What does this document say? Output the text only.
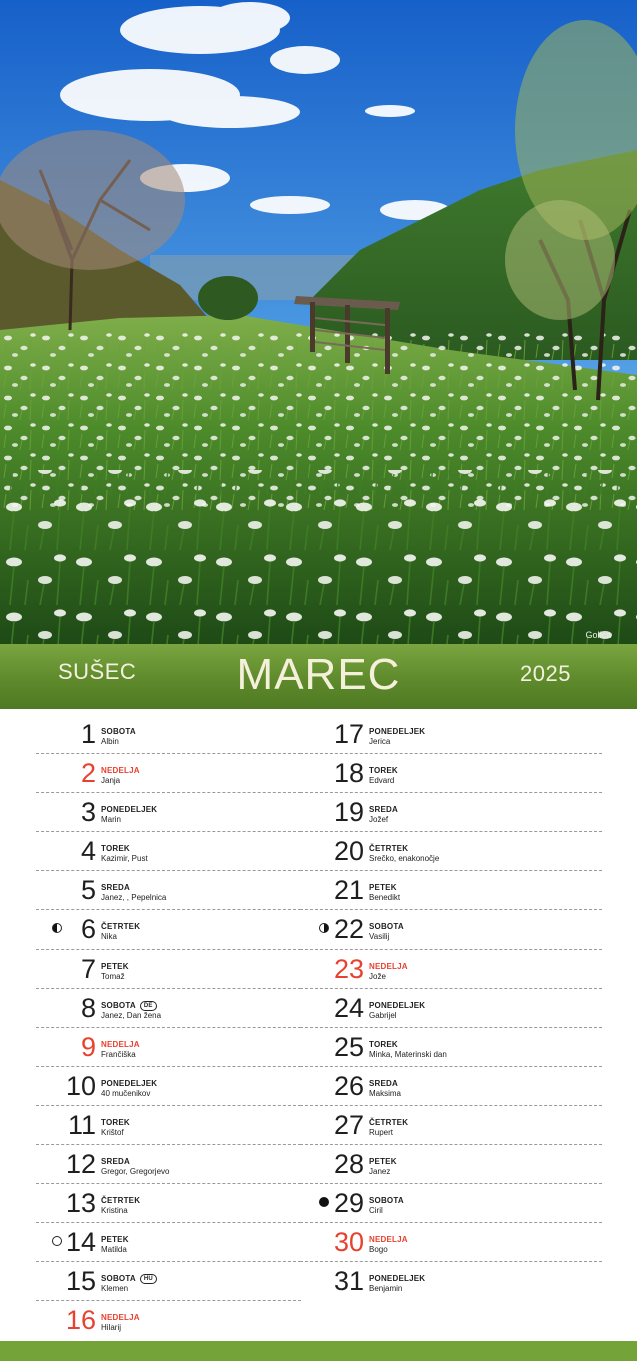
Golica
SUŠEC	MAREC	2025
1 SOBOTA
Albin
2 NEDELJA
Janja
3 PONEDELJEK
Marin
4 TOREK
Kazimir, Pust
5 SREDA
Janez, , Pepelnica
6 ČETRTEK
Nika
7 PETEK
Tomaž
8 SOBOTA DE
Janez, Dan žena
9 NEDELJA
Frančiška
10 PONEDELJEK
40 mučenikov
11 TOREK
Krištof
12 SREDA
Gregor, Gregorjevo
13 ČETRTEK
Kristina
14 PETEK
Matilda
15 SOBOTA HU
Klemen
16 NEDELJA
Hilarij
17 PONEDELJEK
Jerica
18 TOREK
Edvard
19 SREDA
Jožef
20 ČETRTEK
Srečko, enakonočje
21 PETEK
Benedikt
22 SOBOTA
Vasilij
23 NEDELJA
Jože
24 PONEDELJEK
Gabrijel
25 TOREK
Minka, Materinski dan
26 SREDA
Maksima
27 ČETRTEK
Rupert
28 PETEK
Janez
29 SOBOTA
Ciril
30 NEDELJA
Bogo
31 PONEDELJEK
Benjamin
